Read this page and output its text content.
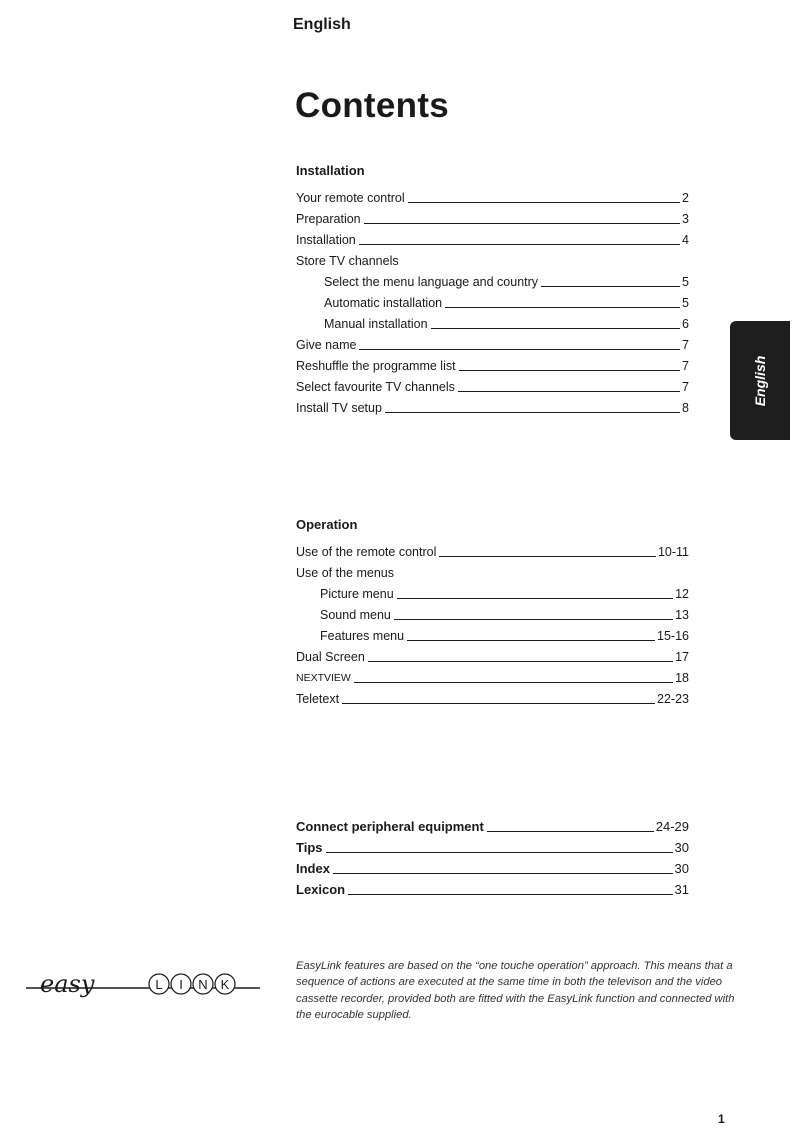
English
Contents
Installation
Your remote control	2
Preparation	3
Installation	4
Store TV channels
Select the menu language and country	5
Automatic installation	5
Manual installation	6
Give name	7
Reshuffle the programme list	7
Select favourite TV channels	7
Install TV setup	8
Operation
Use of the remote control	10-11
Use of the menus
Picture menu	12
Sound menu	13
Features menu	15-16
Dual Screen	17
NEXTVIEW	18
Teletext	22-23
Connect peripheral equipment	24-29
Tips	30
Index	30
Lexicon	31
English
easy	L I N K

EasyLink features are based on the “one touche operation” approach. This means that a sequence of actions are executed at the same time in both the televison and the video cassette recorder, provided both are fitted with the EasyLink function and connected with the eurocable supplied.

1
